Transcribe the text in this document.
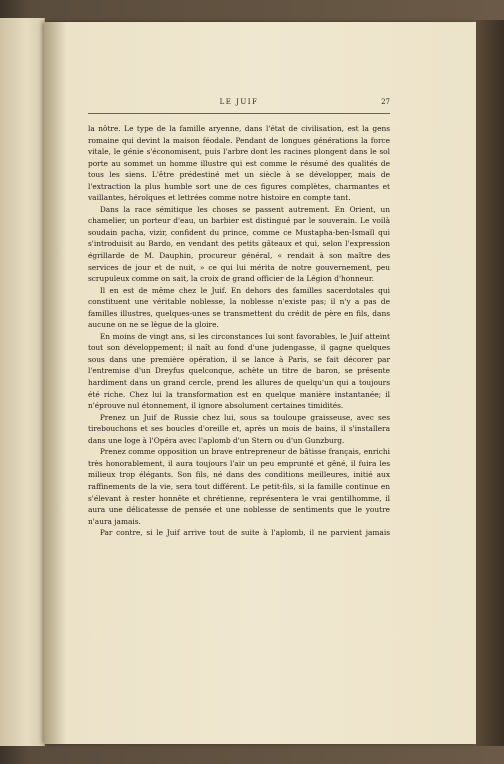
LE JUIF	27

la nôtre. Le type de la famille aryenne, dans l'état de civilisation, est la gens romaine qui devint la maison féodale. Pendant de longues générations la force vitale, le génie s'économisent, puis l'arbre dont les racines plongent dans le sol porte au sommet un homme illustre qui est comme le résumé des qualités de tous les siens. L'être prédestiné met un siècle à se développer, mais de l'extraction la plus humble sort une de ces figures complètes, charmantes et vaillantes, héroïques et lettrées comme notre histoire en compte tant.

Dans la race sémitique les choses se passent autrement. En Orient, un chamelier, un porteur d'eau, un barbier est distingué par le souverain. Le voilà soudain pacha, vizir, confident du prince, comme ce Mustapha-ben-Ismaïl qui s'introduisit au Bardo, en vendant des petits gâteaux et qui, selon l'expression égrillarde de M. Dauphin, procureur général, « rendait à son maître des services de jour et de nuit, » ce qui lui mérita de notre gouvernement, peu scrupuleux comme on sait, la croix de grand officier de la Légion d'honneur.

Il en est de même chez le Juif. En dehors des familles sacerdotales qui constituent une véritable noblesse, la noblesse n'existe pas; il n'y a pas de familles illustres, quelques-unes se transmettent du crédit de père en fils, dans aucune on ne se lègue de la gloire.

En moins de vingt ans, si les circonstances lui sont favorables, le Juif atteint tout son développement; il naît au fond d'une judengasse, il gagne quelques sous dans une première opération, il se lance à Paris, se fait décorer par l'entremise d'un Dreyfus quelconque, achète un titre de baron, se présente hardiment dans un grand cercle, prend les allures de quelqu'un qui a toujours été riche. Chez lui la transformation est en quelque manière instantanée; il n'éprouve nul étonnement, il ignore absolument certaines timidités.

Prenez un Juif de Russie chez lui, sous sa touloupe graisseuse, avec ses tirebouchons et ses boucles d'oreille et, après un mois de bains, il s'installera dans une loge à l'Opéra avec l'aplomb d'un Stern ou d'un Gunzburg.

Prenez comme opposition un brave entrepreneur de bâtisse français, enrichi très honorablement, il aura toujours l'air un peu emprunté et gêné, il fuira les milieux trop élégants. Son fils, né dans des conditions meilleures, initié aux raffinements de la vie, sera tout différent. Le petit-fils, si la famille continue en s'élevant à rester honnête et chrétienne, représentera le vrai gentilhomme, il aura une délicatesse de pensée et une noblesse de sentiments que le youtre n'aura jamais.

Par contre, si le Juif arrive tout de suite à l'aplomb, il ne parvient jamais
